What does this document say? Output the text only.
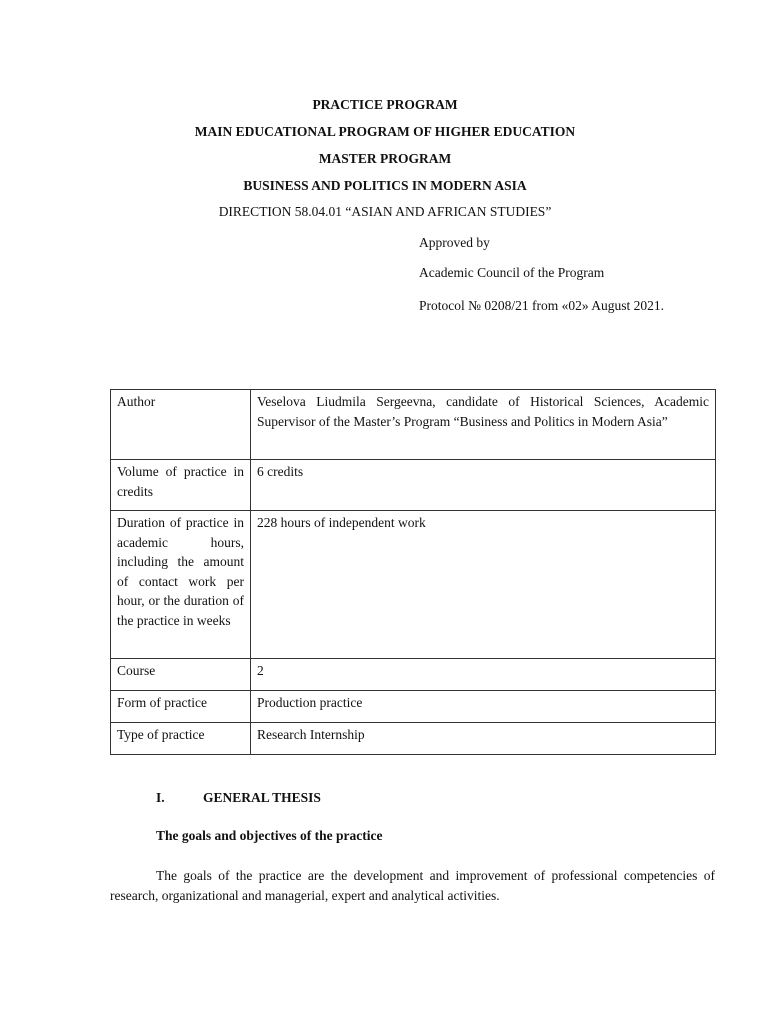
PRACTICE PROGRAM

MAIN EDUCATIONAL PROGRAM OF HIGHER EDUCATION

MASTER PROGRAM

BUSINESS AND POLITICS IN MODERN ASIA

DIRECTION 58.04.01 “ASIAN AND AFRICAN STUDIES”

Approved by

Academic Council of the Program

Protocol № 0208/21 from «02» August 2021.

Author	Veselova Liudmila Sergeevna, candidate of Historical Sciences, Academic Supervisor of the Master’s Program “Business and Politics in Modern Asia”
Volume of practice in credits	6 credits
Duration of practice in academic hours, including the amount of contact work per hour, or the duration of the practice in weeks	228 hours of independent work
Course	2
Form of practice	Production practice
Type of practice	Research Internship
I.	GENERAL THESIS
The goals and objectives of the practice

The goals of the practice are the development and improvement of professional competencies of research, organizational and managerial, expert and analytical activities.
